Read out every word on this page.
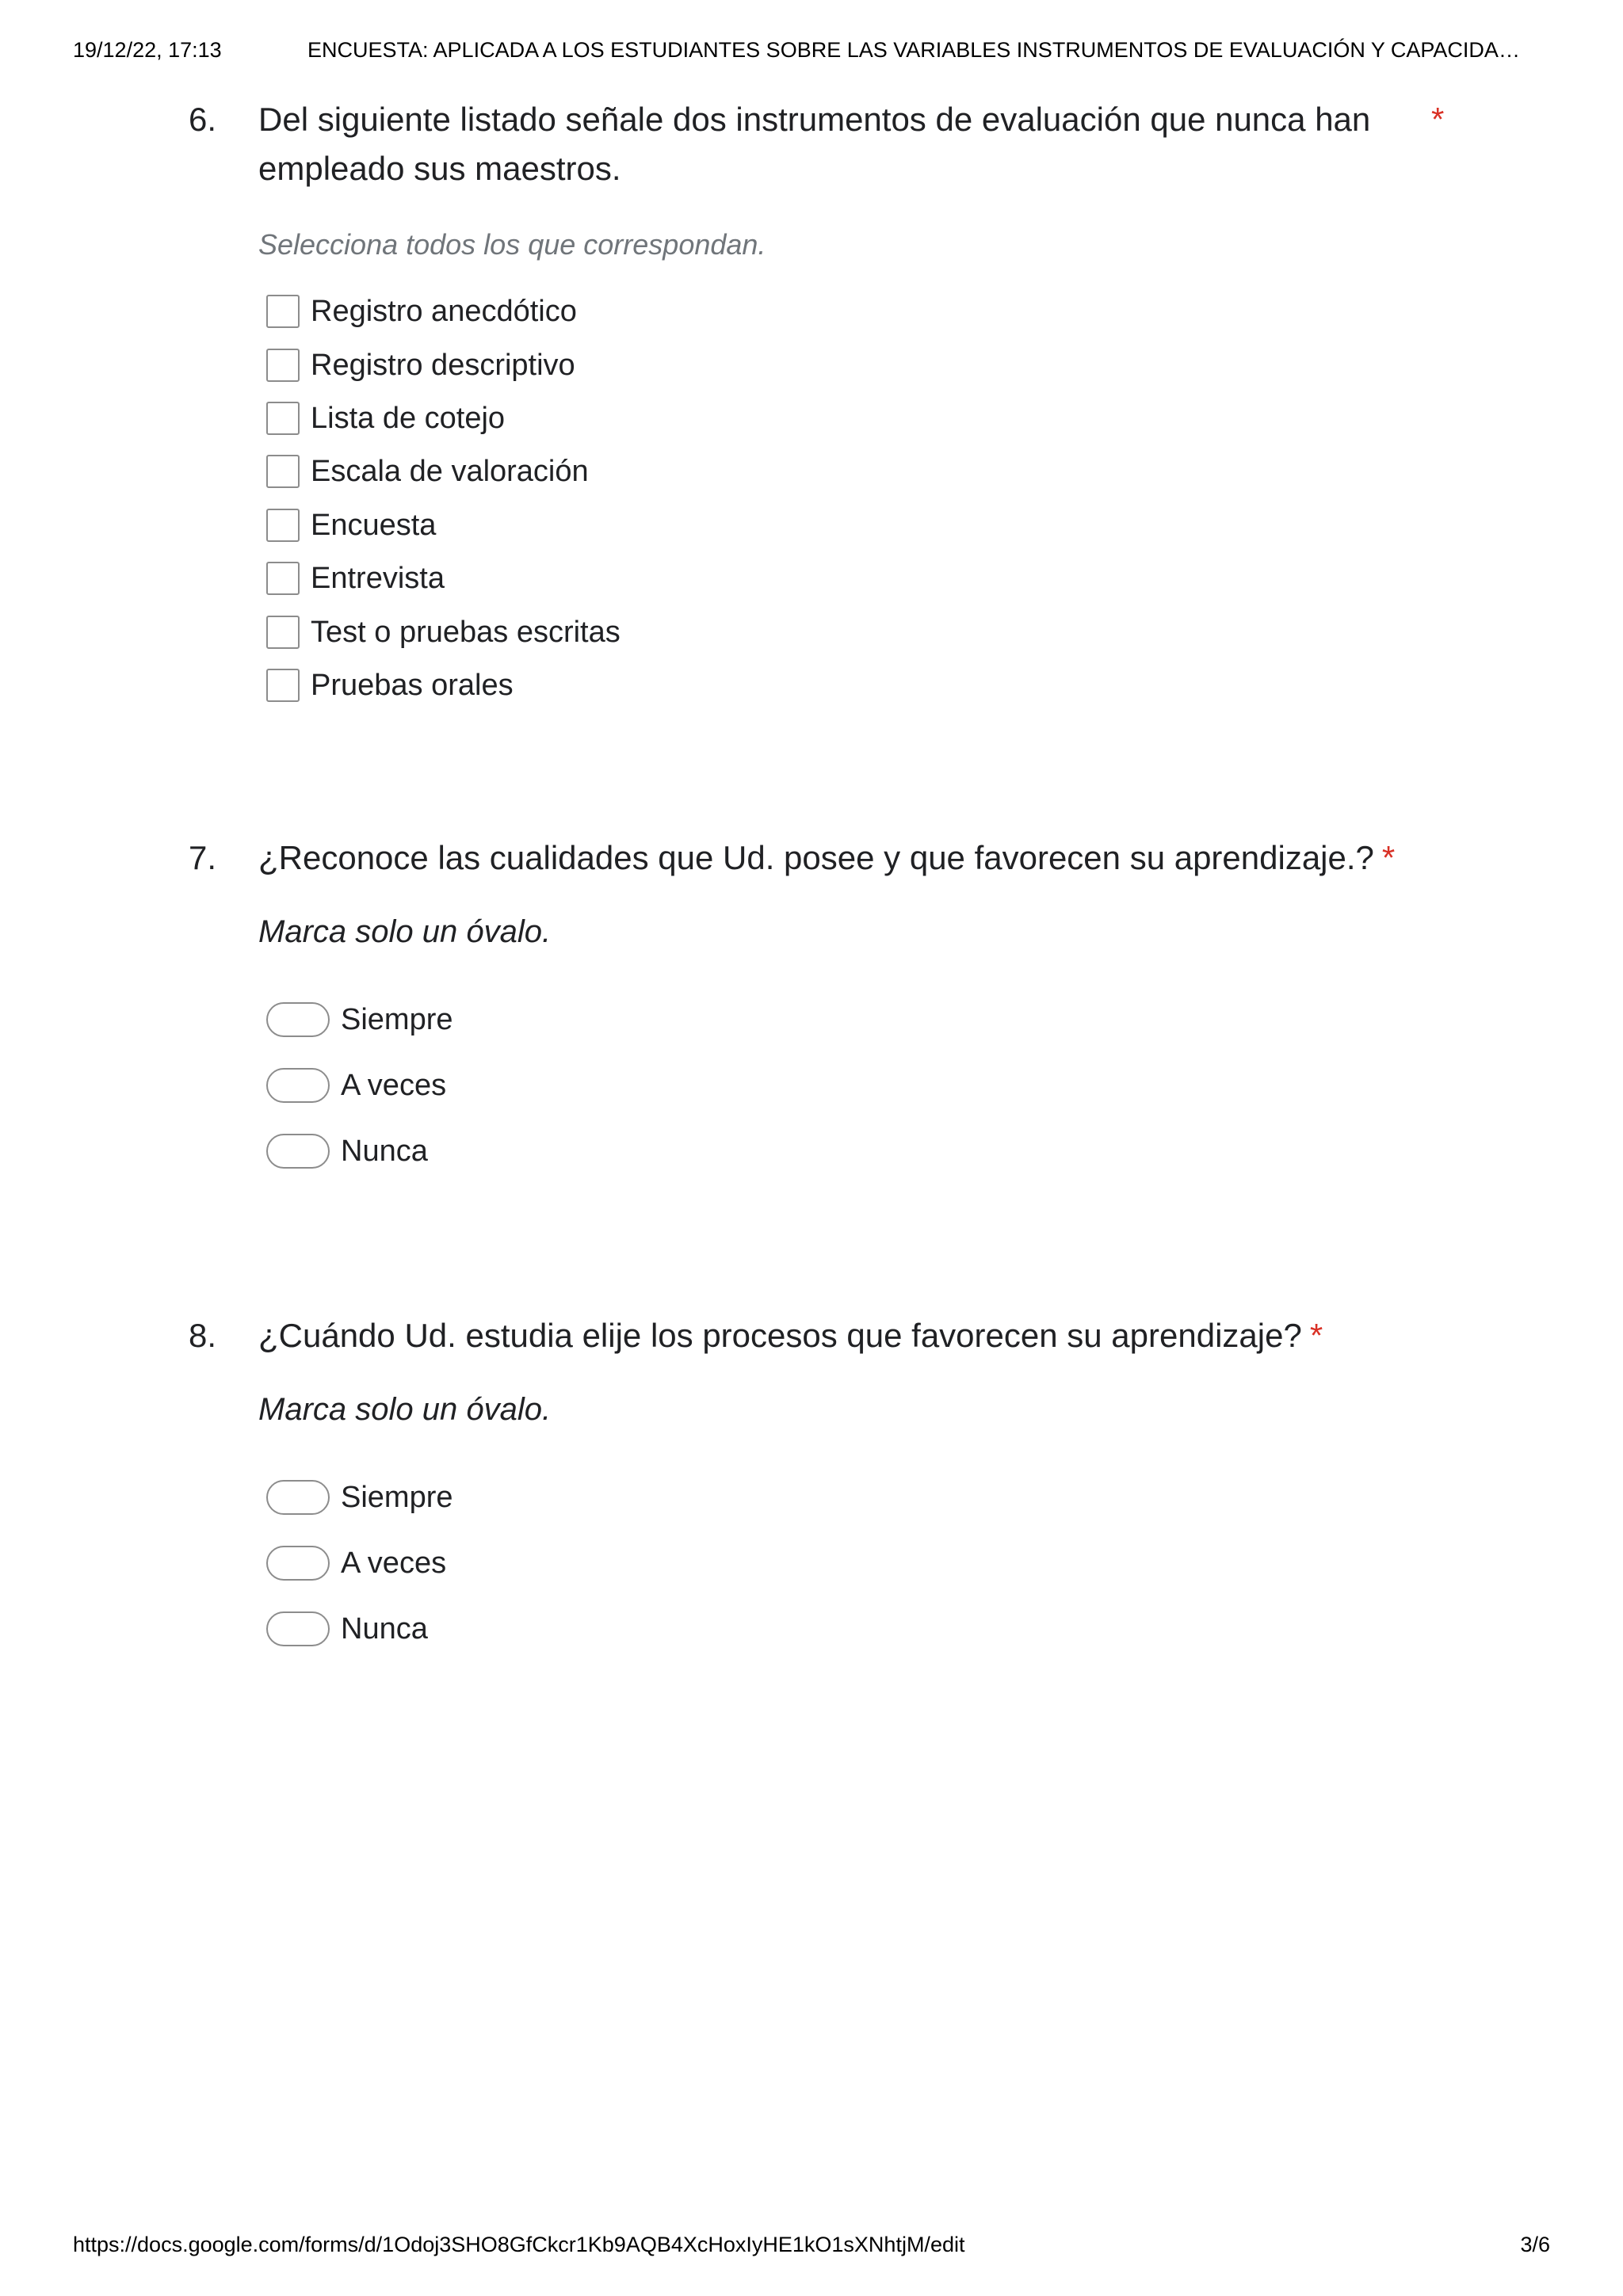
19/12/22, 17:13	ENCUESTA: APLICADA A LOS ESTUDIANTES SOBRE LAS VARIABLES INSTRUMENTOS DE EVALUACIÓN Y CAPACIDA…
6. Del siguiente listado señale dos instrumentos de evaluación que nunca han
empleado sus maestros.
*
Selecciona todos los que correspondan.
Registro anecdótico
Registro descriptivo
Lista de cotejo
Escala de valoración
Encuesta
Entrevista
Test o pruebas escritas
Pruebas orales
7. ¿Reconoce las cualidades que Ud. posee y que favorecen su aprendizaje.? *
Marca solo un óvalo.
Siempre
A veces
Nunca
8. ¿Cuándo Ud. estudia elije los procesos que favorecen su aprendizaje? *
Marca solo un óvalo.
Siempre
A veces
Nunca
https://docs.google.com/forms/d/1Odoj3SHO8GfCkcr1Kb9AQB4XcHoxIyHE1kO1sXNhtjM/edit	3/6
